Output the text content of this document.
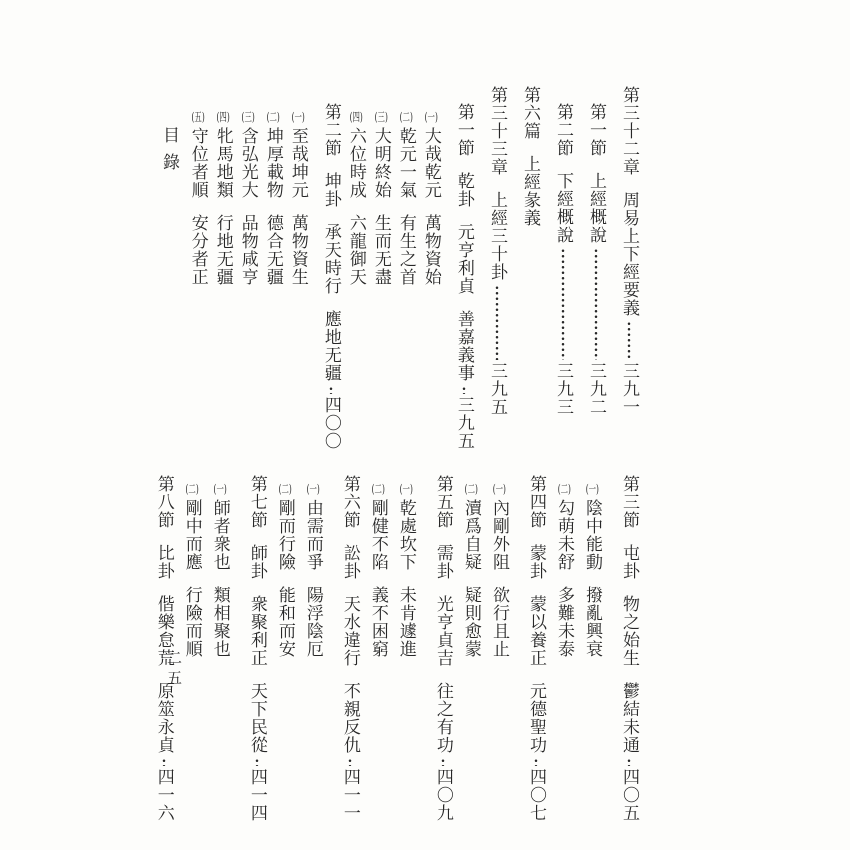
目錄	第三十二章
周易上下經要義
三九一
第一節
上經概說
三九二
第二節
下經概說
三九三
第六篇
上經彖義
第三十三章
上經三十卦
三九五
第一節
乾卦
元亨利貞
善嘉義事
三九五
(一)
大哉乾元
萬物資始
(二)
乾元一氣
有生之首
(三)
大明終始
生而无盡
(四)
六位時成
六龍御天
第二節
坤卦
承天時行
應地无疆
四〇〇
(一)
至哉坤元
萬物資生
(二)
坤厚載物
德合无疆
(三)
含弘光大
品物咸亨
(四)
牝馬地類
行地无疆
(五)
守位者順
安分者正
第三節
屯卦
物之始生
鬱結未通
四〇五
(一)
陰中能動
撥亂興衰
(二)
勾萌未舒
多難未泰
第四節
蒙卦
蒙以養正
元德聖功
四〇七
(一)
內剛外阻
欲行且止
(二)
瀆爲自疑
疑則愈蒙
第五節
需卦
光亨貞吉
往之有功
四〇九
(一)
乾處坎下
未肯遽進
(二)
剛健不陷
義不困窮
第六節
訟卦
天水違行
不親反仇
四一一
(一)
由需而爭
陽浮陰厄
(二)
剛而行險
能和而安
第七節
師卦
衆聚利正
天下民從
四一四
(一)
師者衆也
類相聚也
(二)
剛中而應
行險而順
第八節
比卦
偕樂怠荒
原筮永貞
四一六
二五
